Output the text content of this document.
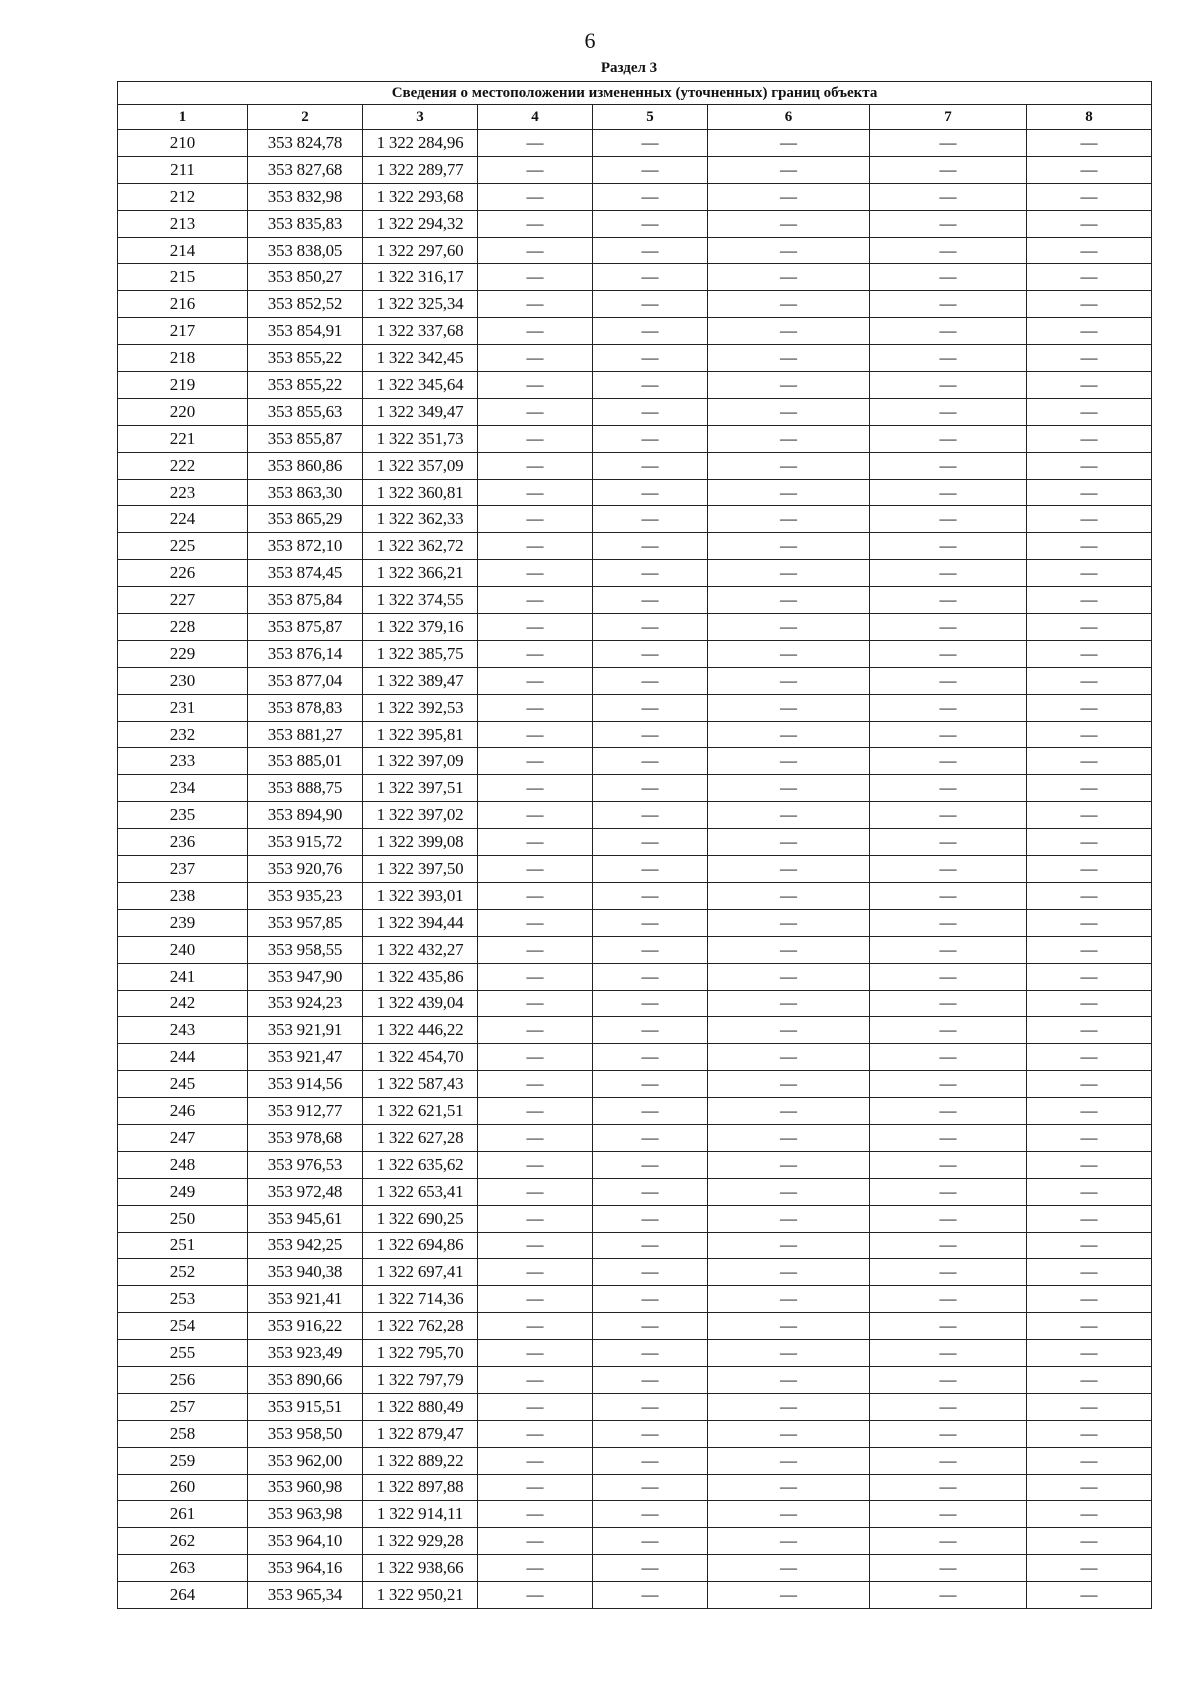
6
Раздел 3
Сведения о местоположении измененных (уточненных) границ объекта							
1	2	3	4	5	6	7	8
210	353 824,78	1 322 284,96	—	—	—	—	—
211	353 827,68	1 322 289,77	—	—	—	—	—
212	353 832,98	1 322 293,68	—	—	—	—	—
213	353 835,83	1 322 294,32	—	—	—	—	—
214	353 838,05	1 322 297,60	—	—	—	—	—
215	353 850,27	1 322 316,17	—	—	—	—	—
216	353 852,52	1 322 325,34	—	—	—	—	—
217	353 854,91	1 322 337,68	—	—	—	—	—
218	353 855,22	1 322 342,45	—	—	—	—	—
219	353 855,22	1 322 345,64	—	—	—	—	—
220	353 855,63	1 322 349,47	—	—	—	—	—
221	353 855,87	1 322 351,73	—	—	—	—	—
222	353 860,86	1 322 357,09	—	—	—	—	—
223	353 863,30	1 322 360,81	—	—	—	—	—
224	353 865,29	1 322 362,33	—	—	—	—	—
225	353 872,10	1 322 362,72	—	—	—	—	—
226	353 874,45	1 322 366,21	—	—	—	—	—
227	353 875,84	1 322 374,55	—	—	—	—	—
228	353 875,87	1 322 379,16	—	—	—	—	—
229	353 876,14	1 322 385,75	—	—	—	—	—
230	353 877,04	1 322 389,47	—	—	—	—	—
231	353 878,83	1 322 392,53	—	—	—	—	—
232	353 881,27	1 322 395,81	—	—	—	—	—
233	353 885,01	1 322 397,09	—	—	—	—	—
234	353 888,75	1 322 397,51	—	—	—	—	—
235	353 894,90	1 322 397,02	—	—	—	—	—
236	353 915,72	1 322 399,08	—	—	—	—	—
237	353 920,76	1 322 397,50	—	—	—	—	—
238	353 935,23	1 322 393,01	—	—	—	—	—
239	353 957,85	1 322 394,44	—	—	—	—	—
240	353 958,55	1 322 432,27	—	—	—	—	—
241	353 947,90	1 322 435,86	—	—	—	—	—
242	353 924,23	1 322 439,04	—	—	—	—	—
243	353 921,91	1 322 446,22	—	—	—	—	—
244	353 921,47	1 322 454,70	—	—	—	—	—
245	353 914,56	1 322 587,43	—	—	—	—	—
246	353 912,77	1 322 621,51	—	—	—	—	—
247	353 978,68	1 322 627,28	—	—	—	—	—
248	353 976,53	1 322 635,62	—	—	—	—	—
249	353 972,48	1 322 653,41	—	—	—	—	—
250	353 945,61	1 322 690,25	—	—	—	—	—
251	353 942,25	1 322 694,86	—	—	—	—	—
252	353 940,38	1 322 697,41	—	—	—	—	—
253	353 921,41	1 322 714,36	—	—	—	—	—
254	353 916,22	1 322 762,28	—	—	—	—	—
255	353 923,49	1 322 795,70	—	—	—	—	—
256	353 890,66	1 322 797,79	—	—	—	—	—
257	353 915,51	1 322 880,49	—	—	—	—	—
258	353 958,50	1 322 879,47	—	—	—	—	—
259	353 962,00	1 322 889,22	—	—	—	—	—
260	353 960,98	1 322 897,88	—	—	—	—	—
261	353 963,98	1 322 914,11	—	—	—	—	—
262	353 964,10	1 322 929,28	—	—	—	—	—
263	353 964,16	1 322 938,66	—	—	—	—	—
264	353 965,34	1 322 950,21	—	—	—	—	—
